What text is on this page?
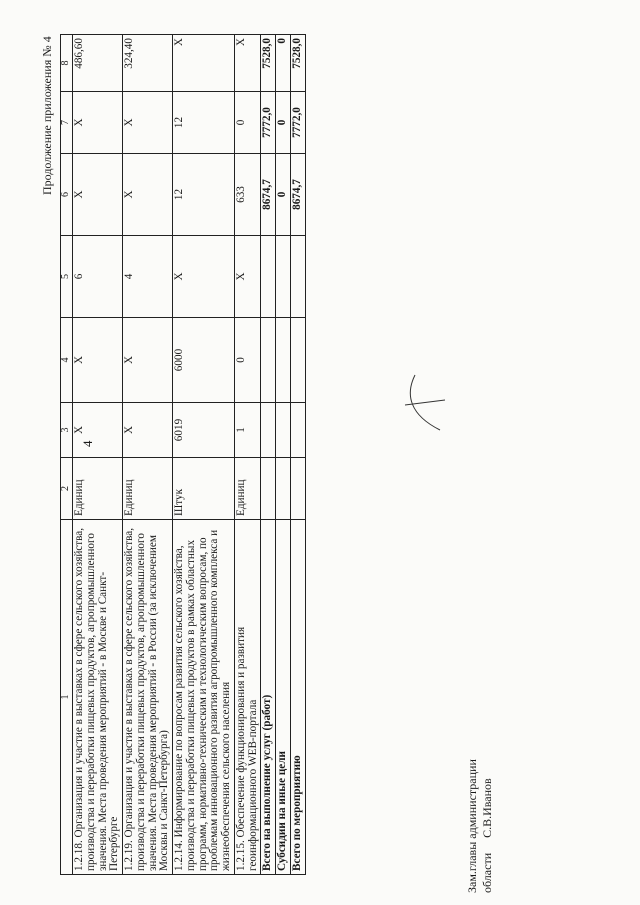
4
Продолжение приложения № 4
1	2	3	4	5	6	7	8
1.2.18. Организация и участие в выставках в сфере сельского хозяйства, производства и переработки пищевых продуктов, агропромышленного значения. Места проведения мероприятий - в Москве и Санкт-Петербурге	Единиц	Х	Х	6	Х	Х	486,60
1.2.19. Организация и участие в выставках в сфере сельского хозяйства, производства и переработки пищевых продуктов, агропромышленного значения. Места проведения мероприятий - в России (за исключением Москвы и Санкт-Петербурга)	Единиц	Х	Х	4	Х	Х	324,40
1.2.14. Информирование по вопросам развития сельского хозяйства, производства и переработки пищевых продуктов в рамках областных программ, нормативно-техническим и технологическим вопросам, по проблемам инновационного развития агропромышленного комплекса и жизнеобеспечения сельского населения	Штук	6019	6000	Х	12	12	Х
1.2.15. Обеспечение функционирования и развития геоинформационного WEB-портала	Единиц	1	0	Х	633	0	Х
Всего на выполнение услуг (работ)					8674,7	7772,0	7528,0
Субсидии на иные цели					0	0	0
Всего по мероприятию					8674,7	7772,0	7528,0
Зам.главы администрации области     С.В.Иванов
